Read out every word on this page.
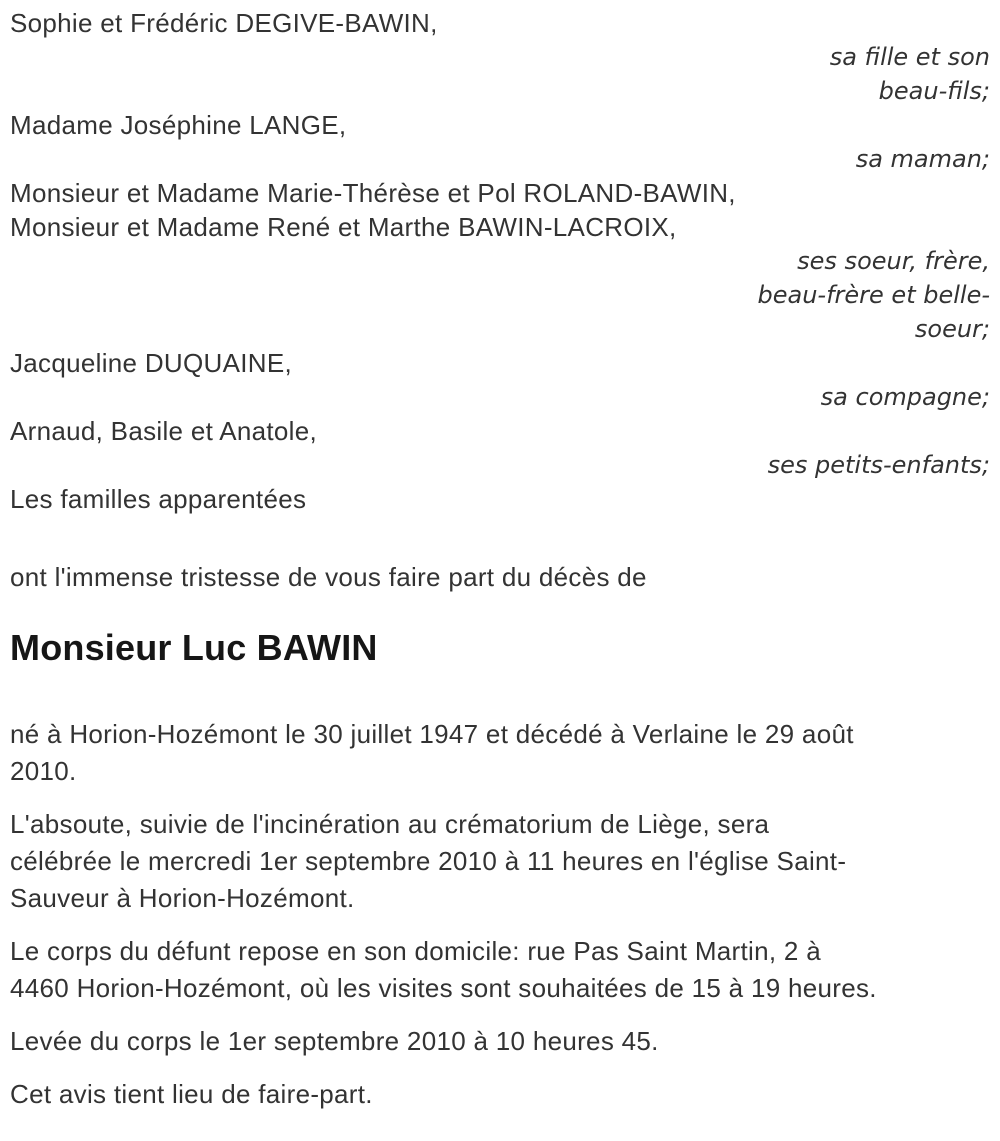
Sophie et Frédéric DEGIVE-BAWIN,
sa fille et son
beau-fils;
Madame Joséphine LANGE,
sa maman;
Monsieur et Madame Marie-Thérèse et Pol ROLAND-BAWIN,
Monsieur et Madame René et Marthe BAWIN-LACROIX,
ses soeur, frère,
beau-frère et belle-
soeur;
Jacqueline DUQUAINE,
sa compagne;
Arnaud, Basile et Anatole,
ses petits-enfants;
Les familles apparentées

ont l'immense tristesse de vous faire part du décès de

Monsieur Luc BAWIN

né à Horion-Hozémont le 30 juillet 1947 et décédé à Verlaine le 29 août
2010.

L'absoute, suivie de l'incinération au crématorium de Liège, sera
célébrée le mercredi 1er septembre 2010 à 11 heures en l'église Saint-
Sauveur à Horion-Hozémont.

Le corps du défunt repose en son domicile: rue Pas Saint Martin, 2 à
4460 Horion-Hozémont, où les visites sont souhaitées de 15 à 19 heures.

Levée du corps le 1er septembre 2010 à 10 heures 45.

Cet avis tient lieu de faire-part.
